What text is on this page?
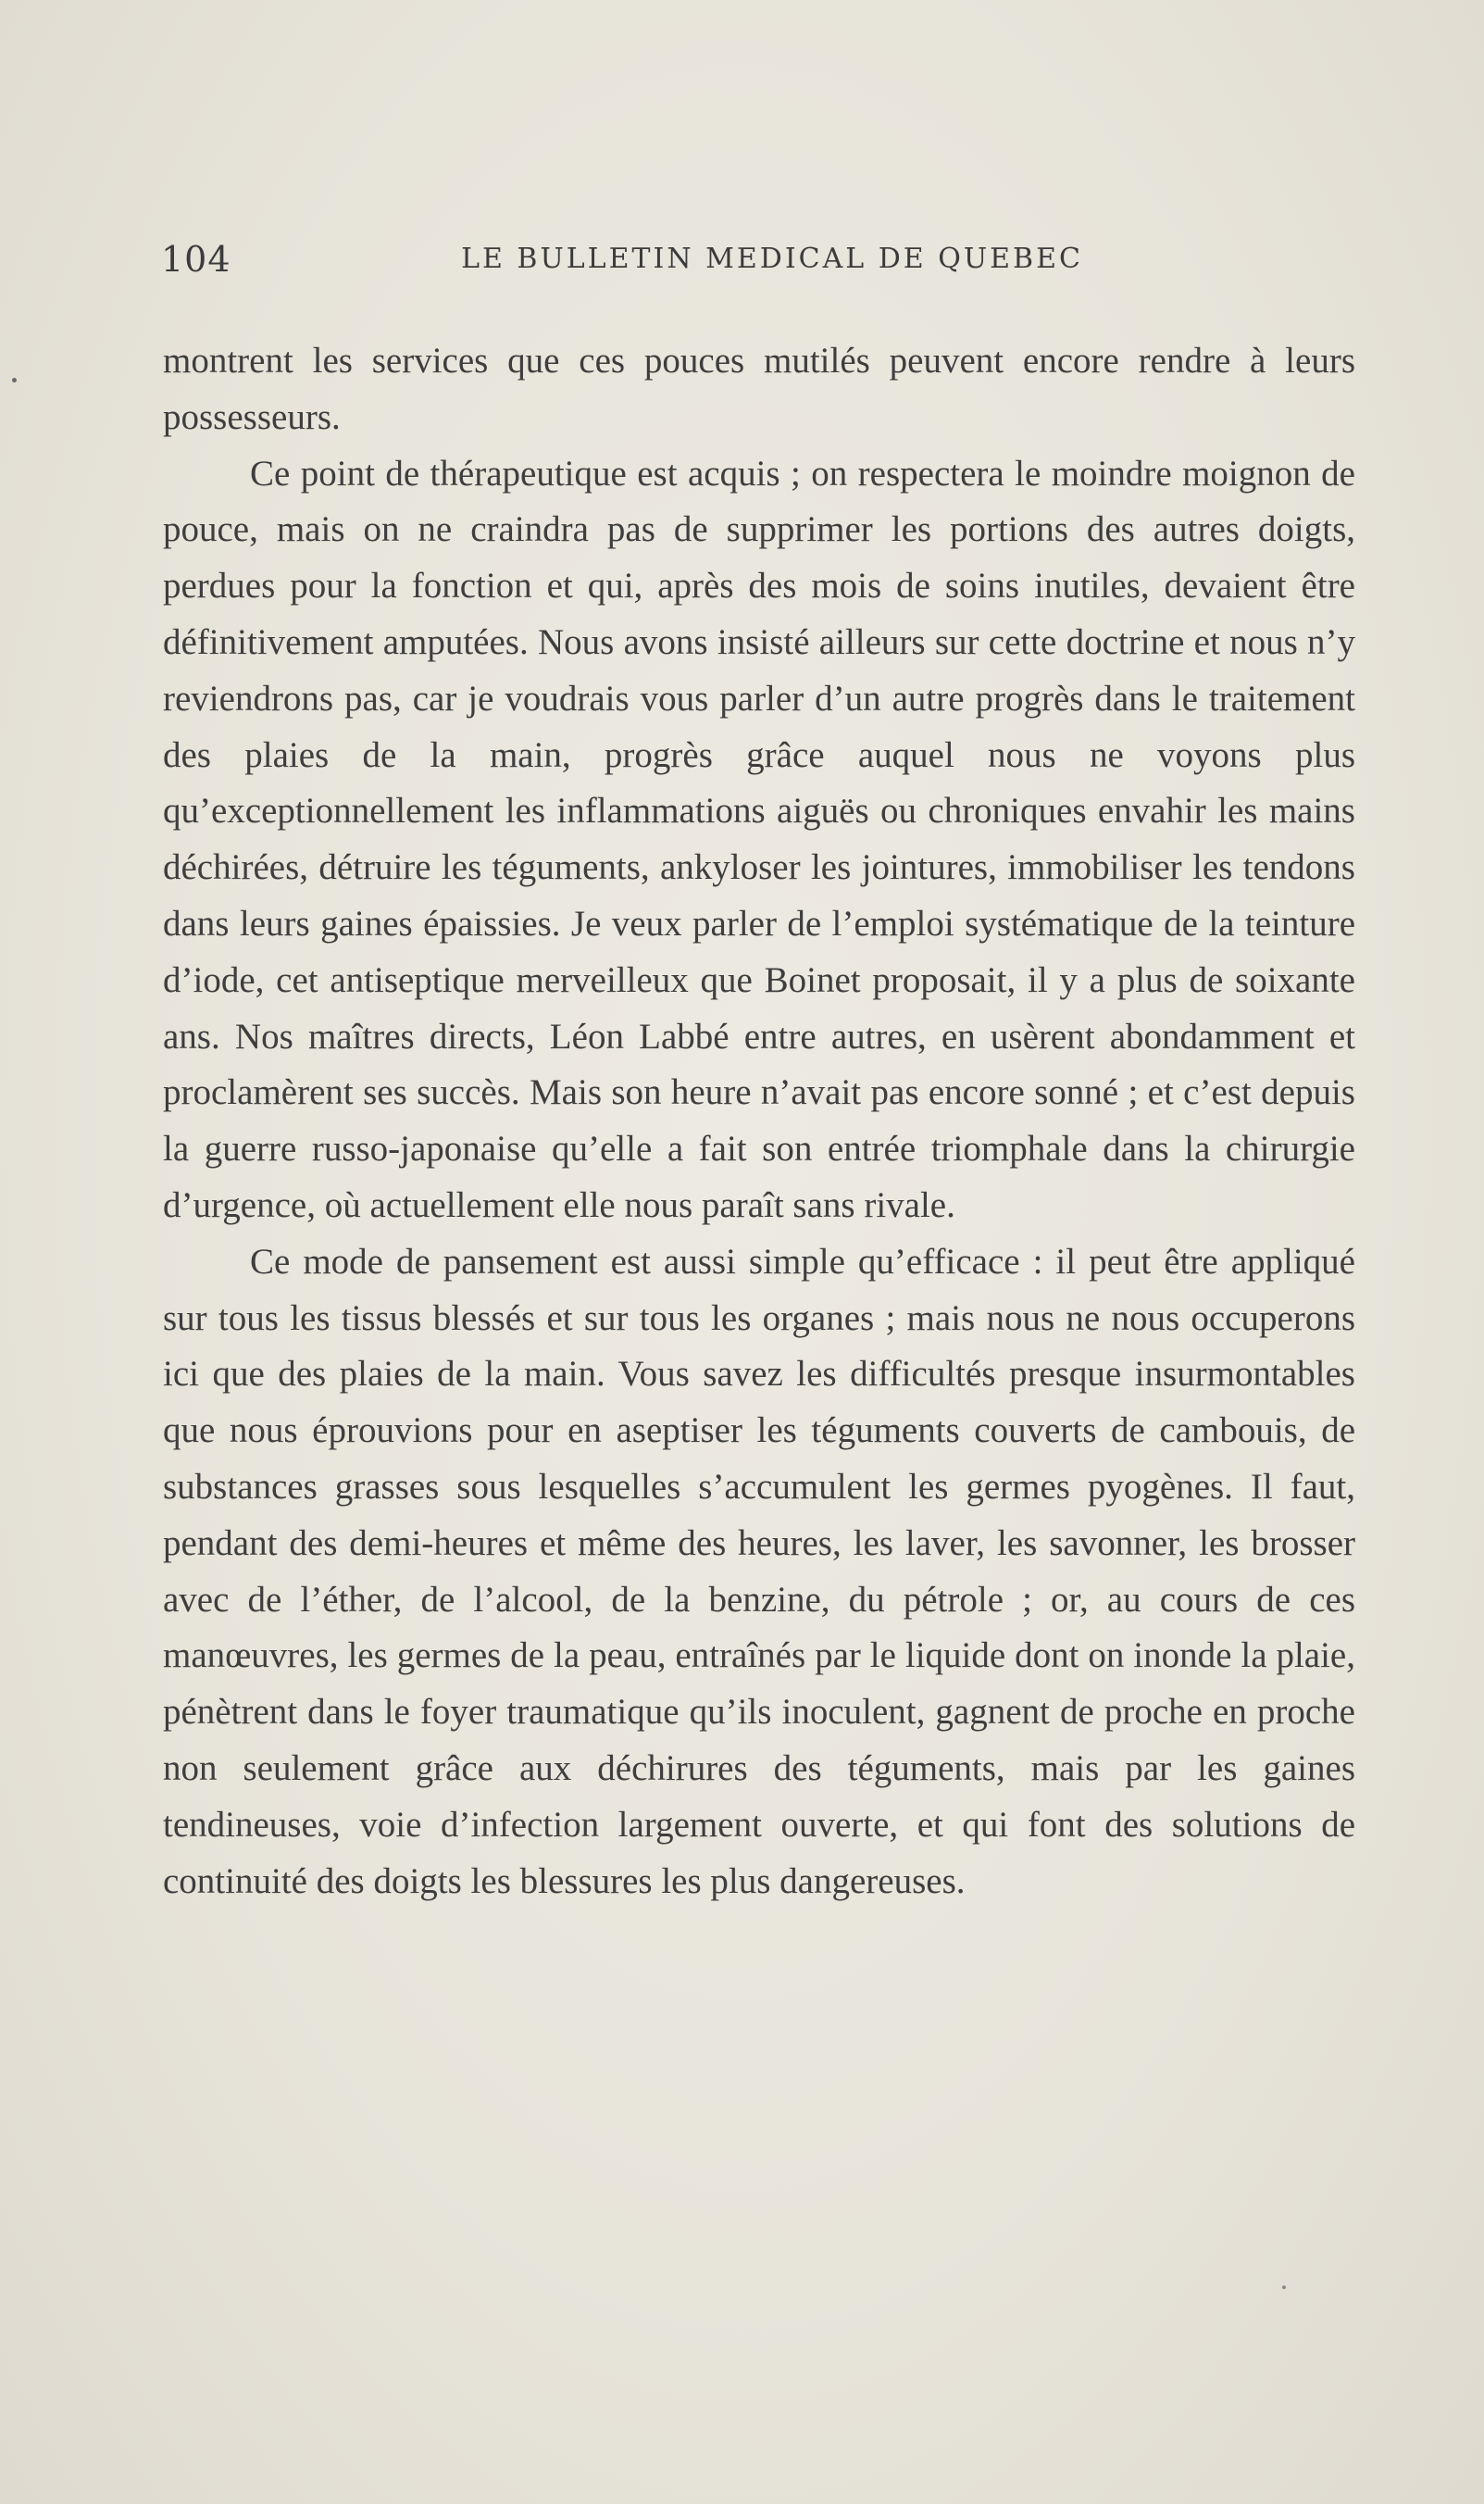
104	LE BULLETIN MEDICAL DE QUEBEC

montrent les services que ces pouces mutilés peuvent encore rendre à leurs possesseurs.

Ce point de thérapeutique est acquis ; on respectera le moindre moignon de pouce, mais on ne craindra pas de supprimer les portions des autres doigts, perdues pour la fonction et qui, après des mois de soins inutiles, devaient être définitivement amputées. Nous avons insisté ailleurs sur cette doctrine et nous n’y reviendrons pas, car je voudrais vous parler d’un autre progrès dans le traitement des plaies de la main, progrès grâce auquel nous ne voyons plus qu’exceptionnellement les inflammations aiguës ou chroniques envahir les mains déchirées, détruire les téguments, ankyloser les jointures, immobiliser les tendons dans leurs gaines épaissies. Je veux parler de l’emploi systématique de la teinture d’iode, cet antiseptique merveilleux que Boinet proposait, il y a plus de soixante ans. Nos maîtres directs, Léon Labbé entre autres, en usèrent abondamment et proclamèrent ses succès. Mais son heure n’avait pas encore sonné ; et c’est depuis la guerre russo-japonaise qu’elle a fait son entrée triomphale dans la chirurgie d’urgence, où actuellement elle nous paraît sans rivale.

Ce mode de pansement est aussi simple qu’efficace : il peut être appliqué sur tous les tissus blessés et sur tous les organes ; mais nous ne nous occuperons ici que des plaies de la main. Vous savez les difficultés presque insurmontables que nous éprouvions pour en aseptiser les téguments couverts de cambouis, de substances grasses sous lesquelles s’accumulent les germes pyogènes. Il faut, pendant des demi-heures et même des heures, les laver, les savonner, les brosser avec de l’éther, de l’alcool, de la benzine, du pétrole ; or, au cours de ces manœuvres, les germes de la peau, entraînés par le liquide dont on inonde la plaie, pénètrent dans le foyer traumatique qu’ils inoculent, gagnent de proche en proche non seulement grâce aux déchirures des téguments, mais par les gaines tendineuses, voie d’infection largement ouverte, et qui font des solutions de continuité des doigts les blessures les plus dangereuses.
